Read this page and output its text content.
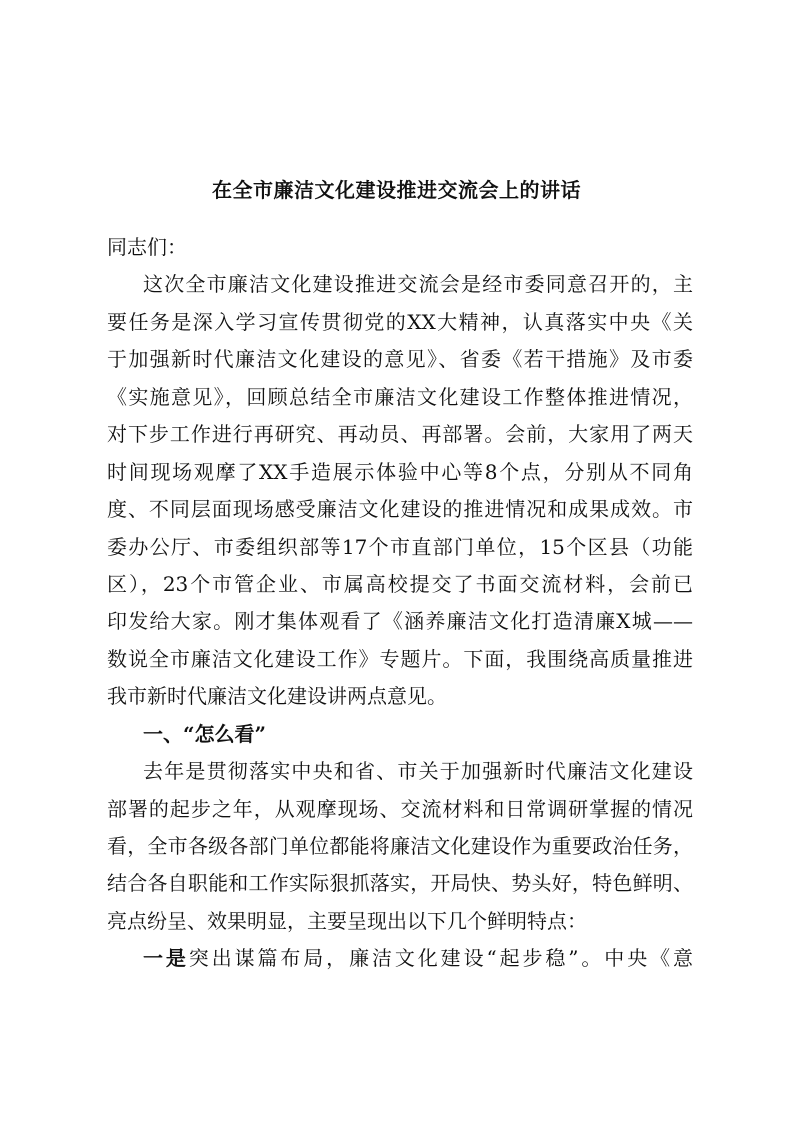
在全市廉洁文化建设推进交流会上的讲话
同志们：
这次全市廉洁文化建设推进交流会是经市委同意召开的，主
要任务是深入学习宣传贯彻党的XX大精神，认真落实中央《关
于加强新时代廉洁文化建设的意见》、省委《若干措施》及市委
《实施意见》，回顾总结全市廉洁文化建设工作整体推进情况，
对下步工作进行再研究、再动员、再部署。会前，大家用了两天
时间现场观摩了XX手造展示体验中心等8个点，分别从不同角
度、不同层面现场感受廉洁文化建设的推进情况和成果成效。市
委办公厅、市委组织部等17个市直部门单位，15个区县（功能
区），23个市管企业、市属高校提交了书面交流材料，会前已
印发给大家。刚才集体观看了《涵养廉洁文化打造清廉X城——
数说全市廉洁文化建设工作》专题片。下面，我围绕高质量推进
我市新时代廉洁文化建设讲两点意见。
一、“怎么看”
去年是贯彻落实中央和省、市关于加强新时代廉洁文化建设
部署的起步之年，从观摩现场、交流材料和日常调研掌握的情况
看，全市各级各部门单位都能将廉洁文化建设作为重要政治任务，
结合各自职能和工作实际狠抓落实，开局快、势头好，特色鲜明、
亮点纷呈、效果明显，主要呈现出以下几个鲜明特点：
一是突出谋篇布局，廉洁文化建设“起步稳”。中央《意
